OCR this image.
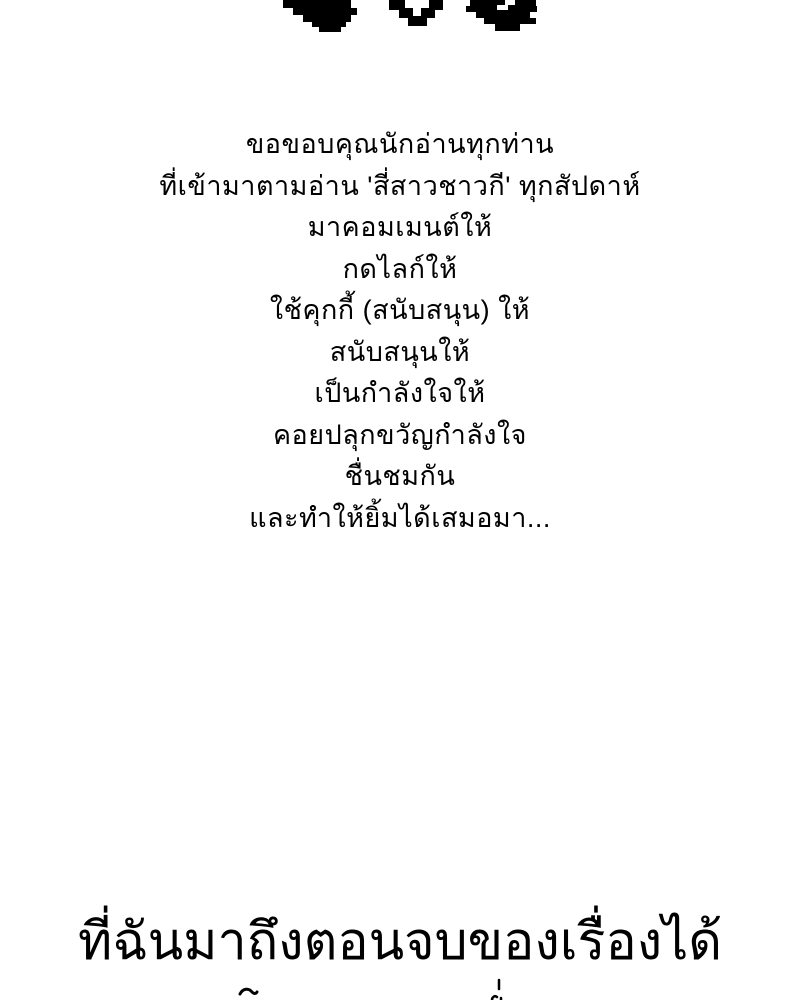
ขอขอบคุณนักอ่านทุกท่าน
ที่เข้ามาตามอ่าน 'สี่สาวชาวกี' ทุกสัปดาห์
มาคอมเมนต์ให้
กดไลก์ให้
ใช้คุกกี้ (สนับสนุน) ให้
สนับสนุนให้
เป็นกำลังใจให้
คอยปลุกขวัญกำลังใจ
ชื่นชมกัน
และทำให้ยิ้มได้เสมอมา...
ที่ฉันมาถึงตอนจบของเรื่องได้
